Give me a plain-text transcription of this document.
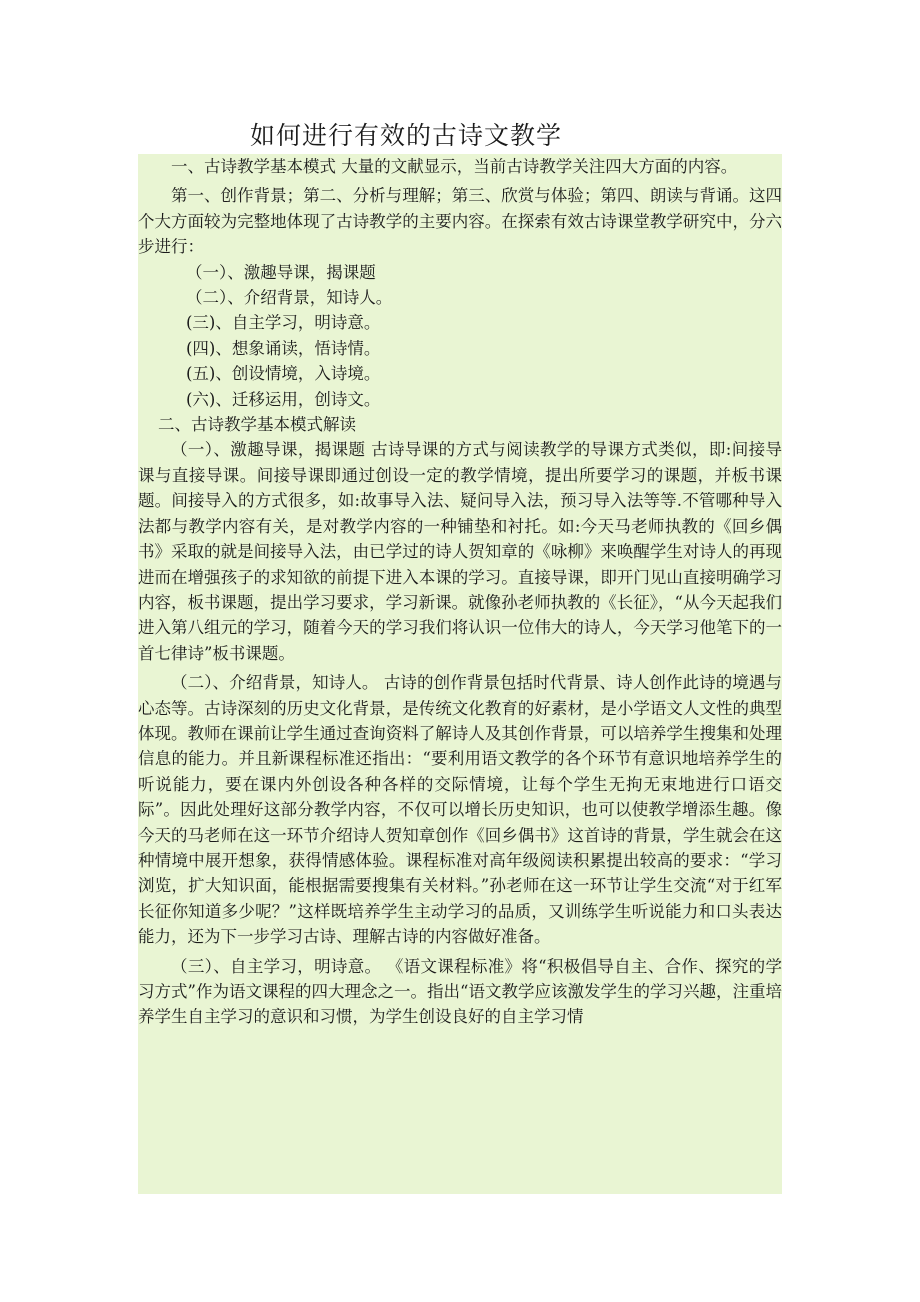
如何进行有效的古诗文教学

一、古诗教学基本模式 大量的文献显示，当前古诗教学关注四大方面的内容。

第一、创作背景；第二、分析与理解；第三、欣赏与体验；第四、朗读与背诵。这四个大方面较为完整地体现了古诗教学的主要内容。在探索有效古诗课堂教学研究中，分六步进行：

（一）、激趣导课，揭课题

（二）、介绍背景，知诗人。

(三)、自主学习，明诗意。

(四)、想象诵读，悟诗情。

(五)、创设情境，入诗境。

(六)、迁移运用，创诗文。

二、古诗教学基本模式解读

（一）、激趣导课，揭课题 古诗导课的方式与阅读教学的导课方式类似，即:间接导课与直接导课。间接导课即通过创设一定的教学情境，提出所要学习的课题，并板书课题。间接导入的方式很多，如:故事导入法、疑问导入法，预习导入法等等.不管哪种导入法都与教学内容有关，是对教学内容的一种铺垫和衬托。如:今天马老师执教的《回乡偶书》采取的就是间接导入法，由已学过的诗人贺知章的《咏柳》来唤醒学生对诗人的再现进而在增强孩子的求知欲的前提下进入本课的学习。直接导课，即开门见山直接明确学习内容，板书课题，提出学习要求，学习新课。就像孙老师执教的《长征》，“从今天起我们进入第八组元的学习，随着今天的学习我们将认识一位伟大的诗人，今天学习他笔下的一首七律诗”板书课题。

（二）、介绍背景，知诗人。 古诗的创作背景包括时代背景、诗人创作此诗的境遇与心态等。古诗深刻的历史文化背景，是传统文化教育的好素材，是小学语文人文性的典型体现。教师在课前让学生通过查询资料了解诗人及其创作背景，可以培养学生搜集和处理信息的能力。并且新课程标准还指出：“要利用语文教学的各个环节有意识地培养学生的听说能力，要在课内外创设各种各样的交际情境，让每个学生无拘无束地进行口语交际”。因此处理好这部分教学内容，不仅可以增长历史知识，也可以使教学增添生趣。像今天的马老师在这一环节介绍诗人贺知章创作《回乡偶书》这首诗的背景，学生就会在这种情境中展开想象，获得情感体验。课程标准对高年级阅读积累提出较高的要求：“学习浏览，扩大知识面，能根据需要搜集有关材料。”孙老师在这一环节让学生交流“对于红军长征你知道多少呢？”这样既培养学生主动学习的品质，又训练学生听说能力和口头表达能力，还为下一步学习古诗、理解古诗的内容做好准备。

（三）、自主学习，明诗意。 《语文课程标准》将“积极倡导自主、合作、探究的学习方式”作为语文课程的四大理念之一。指出“语文教学应该激发学生的学习兴趣，注重培养学生自主学习的意识和习惯，为学生创设良好的自主学习情
